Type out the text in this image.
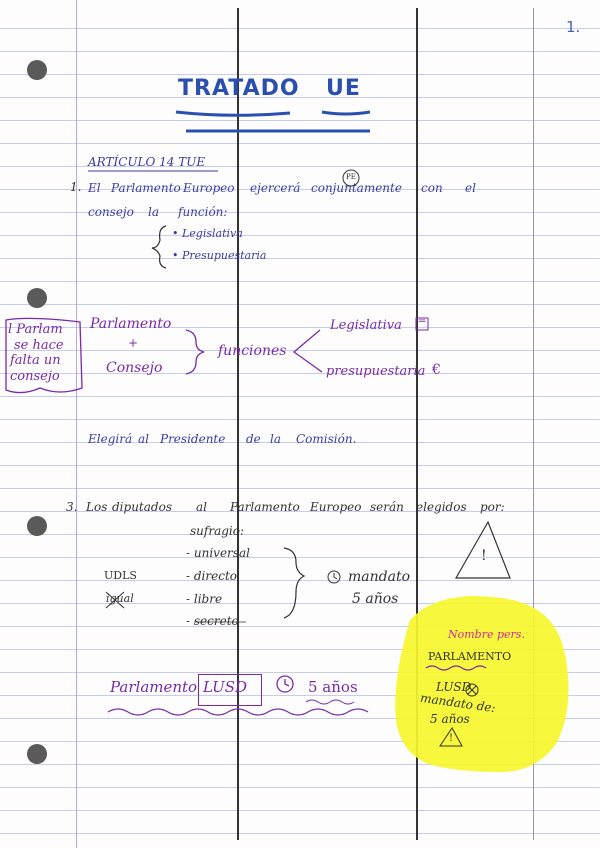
1.
TRATADO UE
ARTÍCULO 14 TUE
1. El Parlamento Europeo ejercerá conjuntamente con el
PE
consejo la función:
• Legislativa
• Presupuestaria
l Parlam
se hace
falta un
consejo
Parlamento
+
Consejo
funciones
Legislativa ≡
presupuestaria €
Elegirá al Presidente de la Comisión.
3. Los diputados al Parlamento Europeo serán elegidos por:
sufragio:
- universal
- directo
- libre
- secreto
UDLS
igual
mandato
5 años
!
Parlamento LUSD	5 años
Nombre pers.
PARLAMENTO
LUSD
mandato de:
5 años
!
